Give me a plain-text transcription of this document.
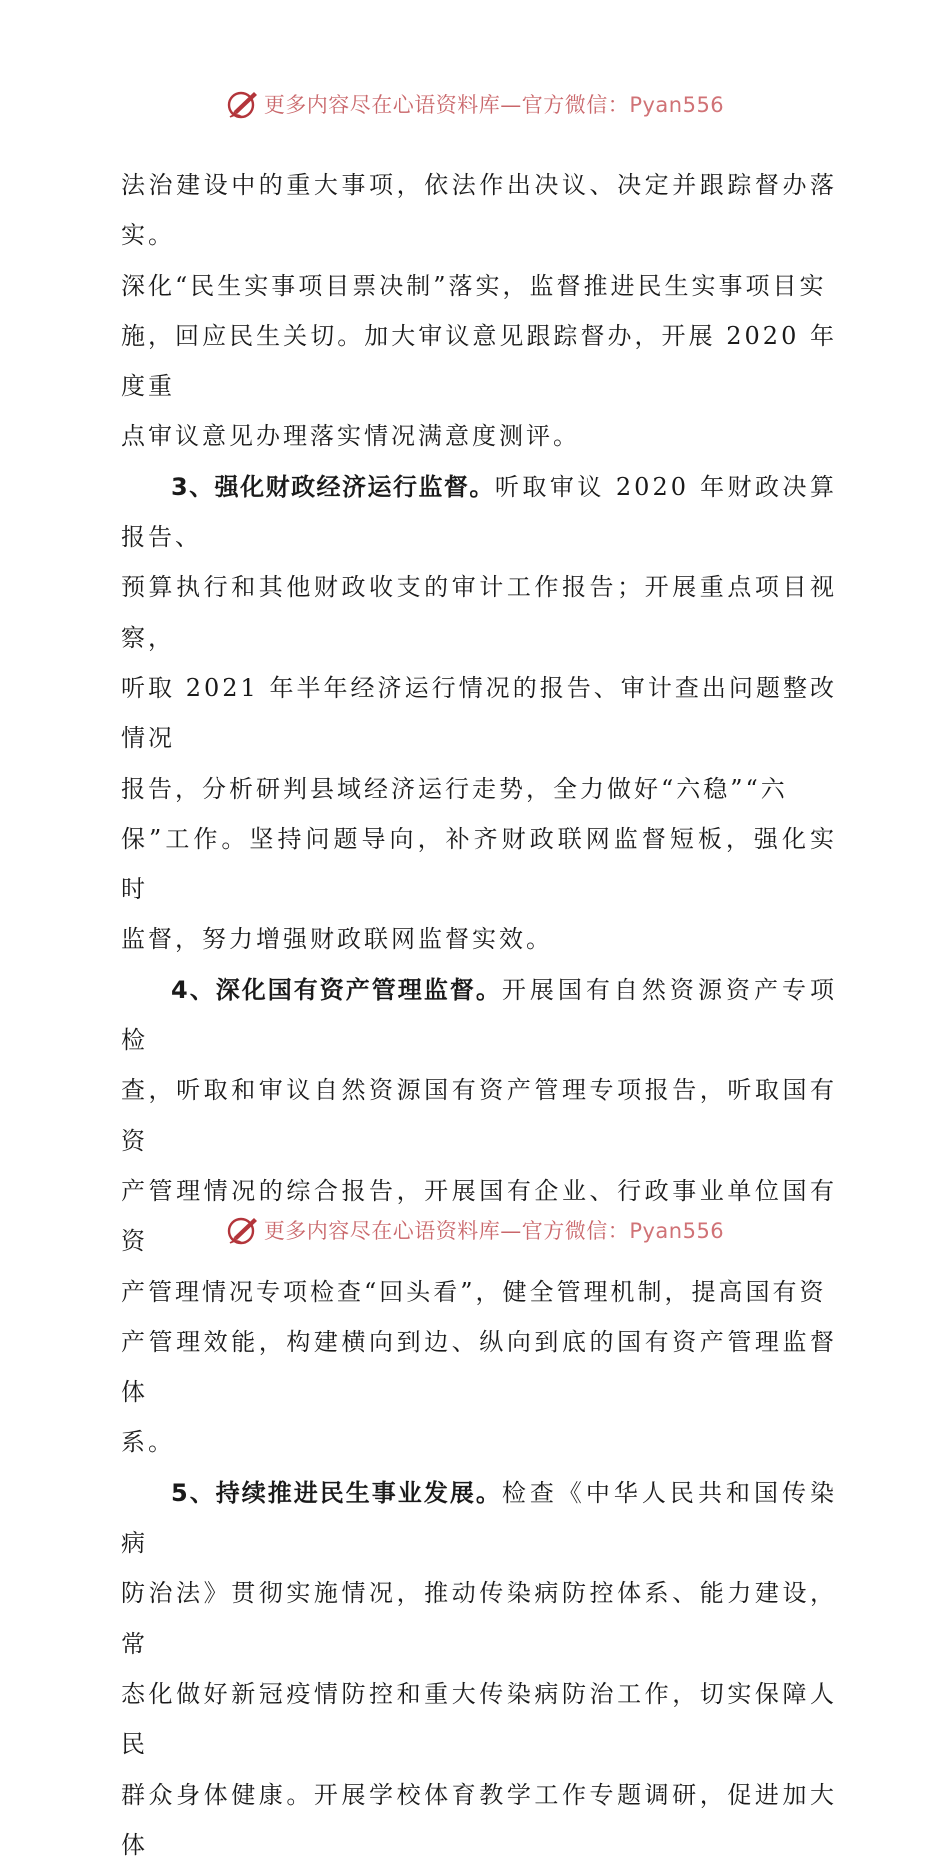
更多内容尽在心语资料库—官方微信：Pyan556
法治建设中的重大事项，依法作出决议、决定并跟踪督办落实。
深化“民生实事项目票决制”落实，监督推进民生实事项目实
施，回应民生关切。加大审议意见跟踪督办，开展 2020 年度重
点审议意见办理落实情况满意度测评。
3、强化财政经济运行监督。听取审议 2020 年财政决算报告、
预算执行和其他财政收支的审计工作报告；开展重点项目视察，
听取 2021 年半年经济运行情况的报告、审计查出问题整改情况
报告，分析研判县域经济运行走势，全力做好“六稳”“六
保”工作。坚持问题导向，补齐财政联网监督短板，强化实时
监督，努力增强财政联网监督实效。
4、深化国有资产管理监督。开展国有自然资源资产专项检
查，听取和审议自然资源国有资产管理专项报告，听取国有资
产管理情况的综合报告，开展国有企业、行政事业单位国有资
产管理情况专项检查“回头看”，健全管理机制，提高国有资
产管理效能，构建横向到边、纵向到底的国有资产管理监督体
系。
5、持续推进民生事业发展。检查《中华人民共和国传染病
防治法》贯彻实施情况，推动传染病防控体系、能力建设，常
态化做好新冠疫情防控和重大传染病防治工作，切实保障人民
群众身体健康。开展学校体育教学工作专题调研，促进加大体
更多内容尽在心语资料库—官方微信：Pyan556
